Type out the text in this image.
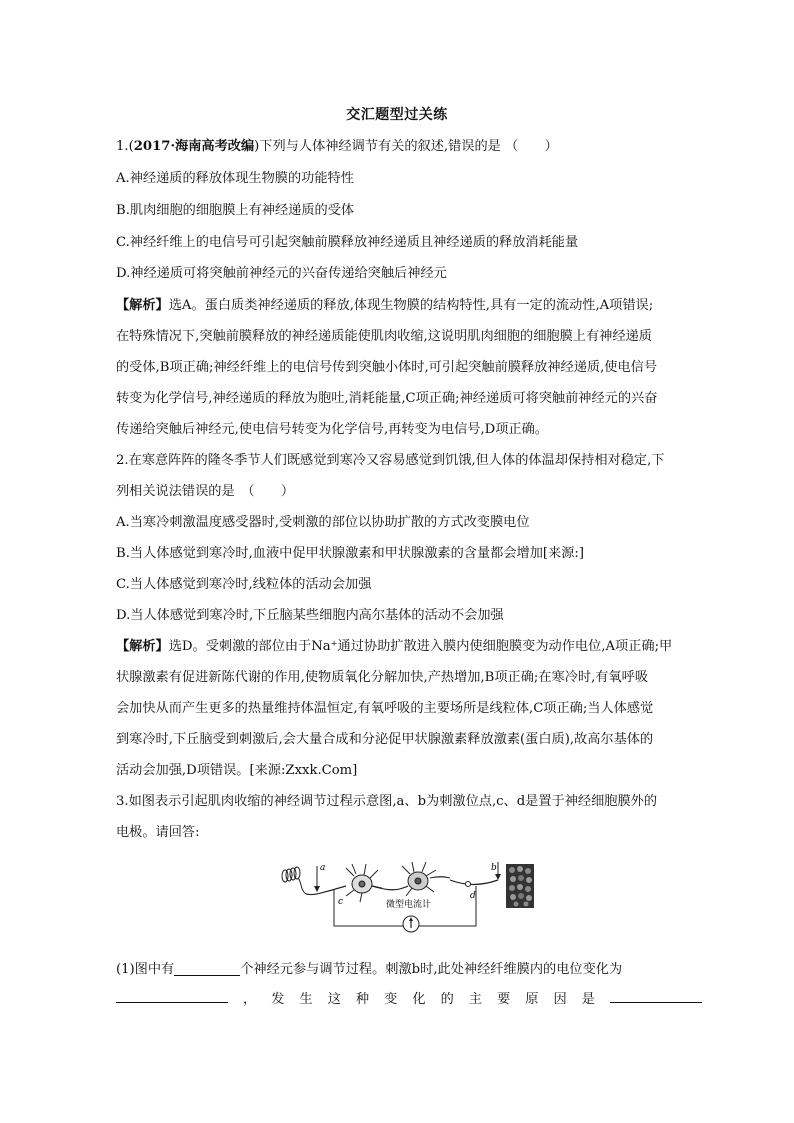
交汇题型过关练
1.(2017·海南高考改编)下列与人体神经调节有关的叙述,错误的是 （　　）
A.神经递质的释放体现生物膜的功能特性
B.肌肉细胞的细胞膜上有神经递质的受体
C.神经纤维上的电信号可引起突触前膜释放神经递质且神经递质的释放消耗能量
D.神经递质可将突触前神经元的兴奋传递给突触后神经元
【解析】选A。蛋白质类神经递质的释放,体现生物膜的结构特性,具有一定的流动性,A项错误;
在特殊情况下,突触前膜释放的神经递质能使肌肉收缩,这说明肌肉细胞的细胞膜上有神经递质
的受体,B项正确;神经纤维上的电信号传到突触小体时,可引起突触前膜释放神经递质,使电信号
转变为化学信号,神经递质的释放为胞吐,消耗能量,C项正确;神经递质可将突触前神经元的兴奋
传递给突触后神经元,使电信号转变为化学信号,再转变为电信号,D项正确。
2.在寒意阵阵的隆冬季节人们既感觉到寒冷又容易感觉到饥饿,但人体的体温却保持相对稳定,下
列相关说法错误的是　（　　）
A.当寒冷刺激温度感受器时,受刺激的部位以协助扩散的方式改变膜电位
B.当人体感觉到寒冷时,血液中促甲状腺激素和甲状腺激素的含量都会增加[来源:]
C.当人体感觉到寒冷时,线粒体的活动会加强
D.当人体感觉到寒冷时,下丘脑某些细胞内高尔基体的活动不会加强
【解析】选D。受刺激的部位由于Na⁺通过协助扩散进入膜内使细胞膜变为动作电位,A项正确;甲
状腺激素有促进新陈代谢的作用,使物质氧化分解加快,产热增加,B项正确;在寒冷时,有氧呼吸
会加快从而产生更多的热量维持体温恒定,有氧呼吸的主要场所是线粒体,C项正确;当人体感觉
到寒冷时,下丘脑受到刺激后,会大量合成和分泌促甲状腺激素释放激素(蛋白质),故高尔基体的
活动会加强,D项错误。[来源:Zxxk.Com]
3.如图表示引起肌肉收缩的神经调节过程示意图,a、b为刺激位点,c、d是置于神经细胞膜外的
电极。请回答:
a
c
d
b
微型电流计
(1)图中有	个神经元参与调节过程。刺激b时,此处神经纤维膜内的电位变化为
， 发 生 这 种 变 化 的 主 要 原 因 是
